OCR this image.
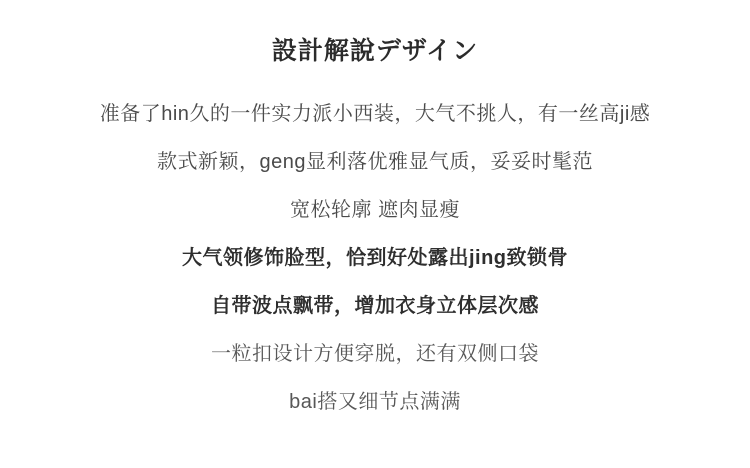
設計解說デザイン
准备了hin久的一件实力派小西装，大气不挑人，有一丝高ji感
款式新颖，geng显利落优雅显气质，妥妥时髦范
宽松轮廓 遮肉显瘦
大气领修饰脸型，恰到好处露出jing致锁骨
自带波点飘带，增加衣身立体层次感
一粒扣设计方便穿脱，还有双侧口袋
bai搭又细节点满满
